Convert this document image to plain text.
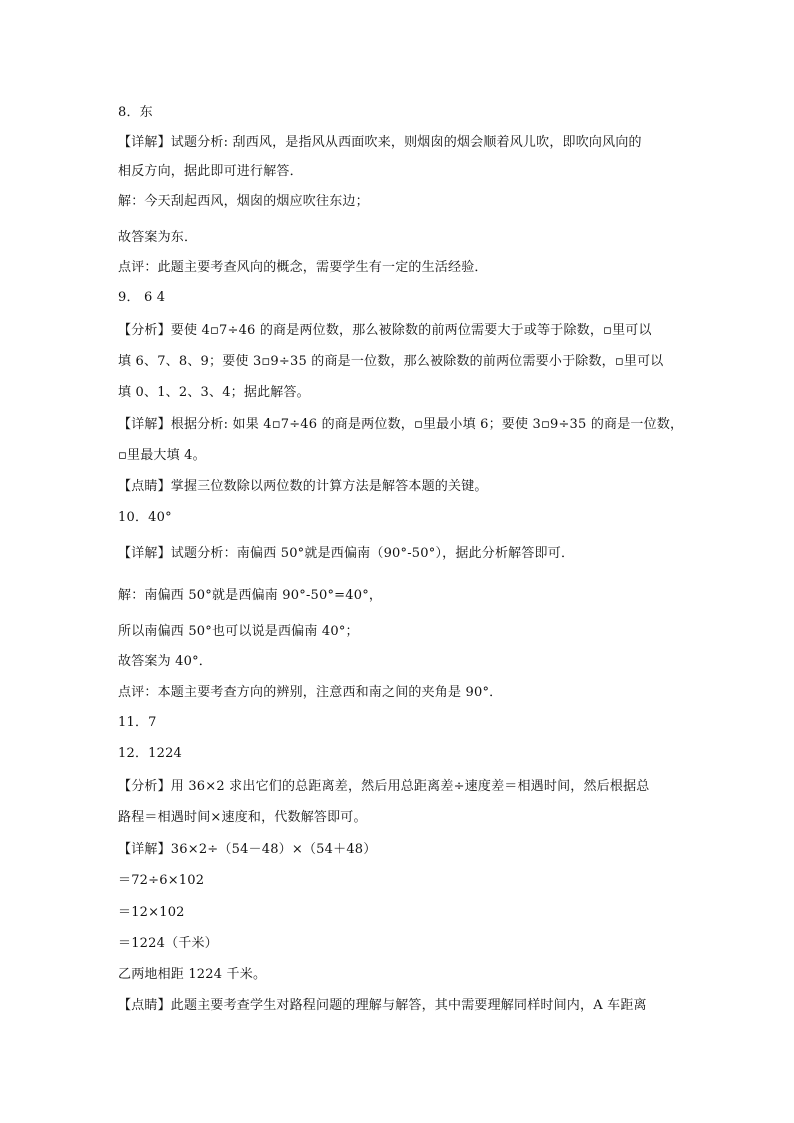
8．东
【详解】试题分析: 刮西风，是指风从西面吹来，则烟囱的烟会顺着风儿吹，即吹向风向的
相反方向，据此即可进行解答．
解：今天刮起西风，烟囱的烟应吹往东边；
故答案为东．
点评：此题主要考查风向的概念，需要学生有一定的生活经验．
9． 6 4
【分析】要使 4▫7÷46 的商是两位数，那么被除数的前两位需要大于或等于除数，▫里可以
填 6、7、8、9；要使 3▫9÷35 的商是一位数，那么被除数的前两位需要小于除数，▫里可以
填 0、1、2、3、4；据此解答。
【详解】根据分析: 如果 4▫7÷46 的商是两位数，▫里最小填 6；要使 3▫9÷35 的商是一位数，
▫里最大填 4。
【点睛】掌握三位数除以两位数的计算方法是解答本题的关键。
10．40°
【详解】试题分析：南偏西 50°就是西偏南（90°-50°），据此分析解答即可．
解：南偏西 50°就是西偏南 90°-50°=40°，
所以南偏西 50°也可以说是西偏南 40°；
故答案为 40°．
点评：本题主要考查方向的辨别，注意西和南之间的夹角是 90°．
11．7
12．1224
【分析】用 36×2 求出它们的总距离差，然后用总距离差÷速度差＝相遇时间，然后根据总
路程＝相遇时间×速度和，代数解答即可。
【详解】36×2÷（54－48）×（54＋48）
＝72÷6×102
＝12×102
＝1224（千米）
乙两地相距 1224 千米。
【点睛】此题主要考查学生对路程问题的理解与解答，其中需要理解同样时间内，A 车距离
